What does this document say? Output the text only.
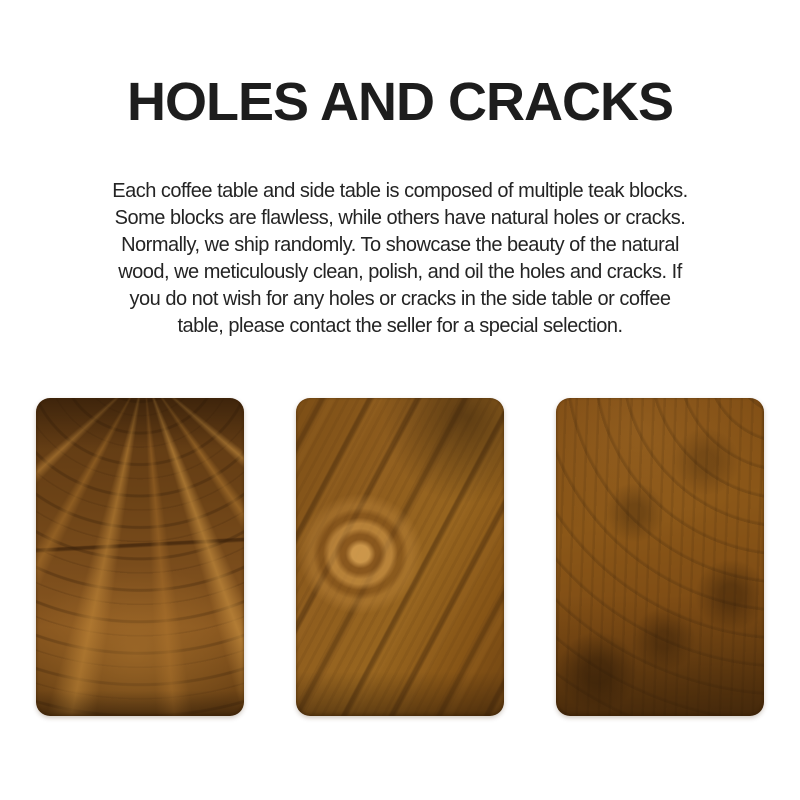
HOLES AND CRACKS

Each coffee table and side table is composed of multiple teak blocks.
Some blocks are flawless, while others have natural holes or cracks.
Normally, we ship randomly. To showcase the beauty of the natural
wood, we meticulously clean, polish, and oil the holes and cracks. If
you do not wish for any holes or cracks in the side table or coffee
table, please contact the seller for a special selection.
